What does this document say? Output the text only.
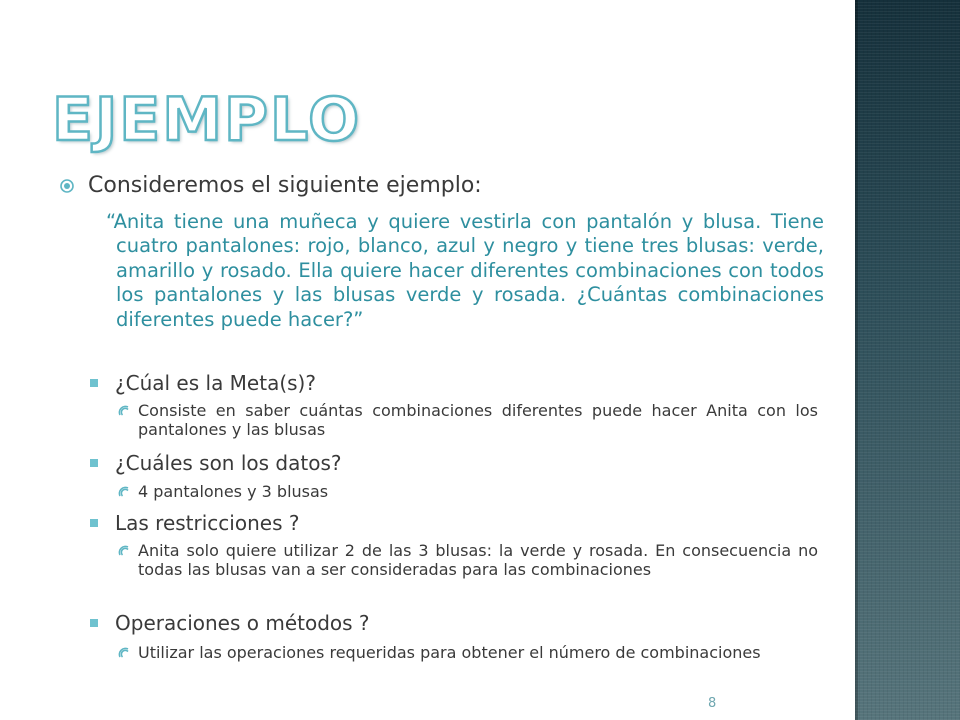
EJEMPLO
Consideremos el siguiente ejemplo:
“Anita tiene una muñeca y quiere vestirla con pantalón y blusa. Tiene cuatro pantalones: rojo, blanco, azul y negro y tiene tres blusas: verde, amarillo y rosado. Ella quiere hacer diferentes combinaciones con todos los pantalones y las blusas verde y rosada. ¿Cuántas combinaciones diferentes puede hacer?”
¿Cúal es la Meta(s)?
Consiste en saber cuántas combinaciones diferentes puede hacer Anita con los pantalones y las blusas
¿Cuáles son los datos?
4 pantalones y 3 blusas
Las restricciones ?
Anita solo quiere utilizar 2 de las 3 blusas: la verde y rosada. En consecuencia no todas las blusas van a ser consideradas para las combinaciones
Operaciones o métodos ?
Utilizar las operaciones requeridas para obtener el número de combinaciones
8
